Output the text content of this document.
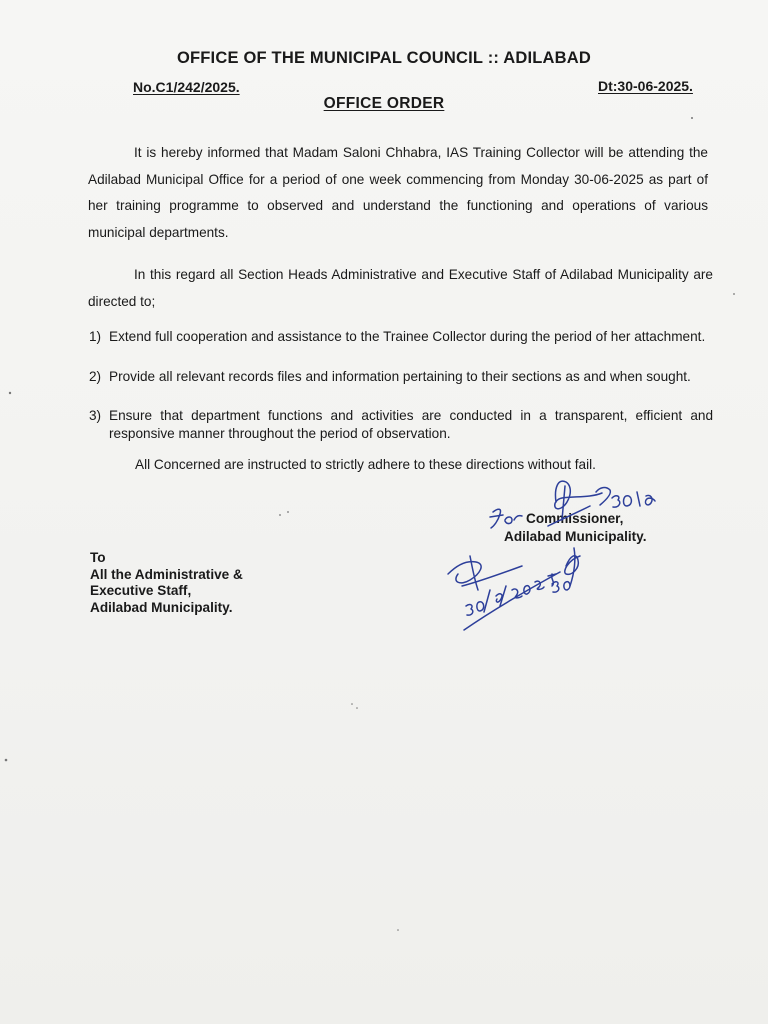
OFFICE OF THE MUNICIPAL COUNCIL :: ADILABAD
No.C1/242/2025.	Dt:30-06-2025.
OFFICE ORDER
It is hereby informed that Madam Saloni Chhabra, IAS Training Collector will be attending the Adilabad Municipal Office for a period of one week commencing from Monday 30-06-2025 as part of her training programme to observed and understand the functioning and operations of various municipal departments.
In this regard all Section Heads Administrative and Executive Staff of Adilabad Municipality are directed to;
1) Extend full cooperation and assistance to the Trainee Collector during the period of her attachment.
2) Provide all relevant records files and information pertaining to their sections as and when sought.
3) Ensure that department functions and activities are conducted in a transparent, efficient and responsive manner throughout the period of observation.
All Concerned are instructed to strictly adhere to these directions without fail.
Commissioner,
Adilabad Municipality.
To
All the Administrative &
Executive Staff,
Adilabad Municipality.
